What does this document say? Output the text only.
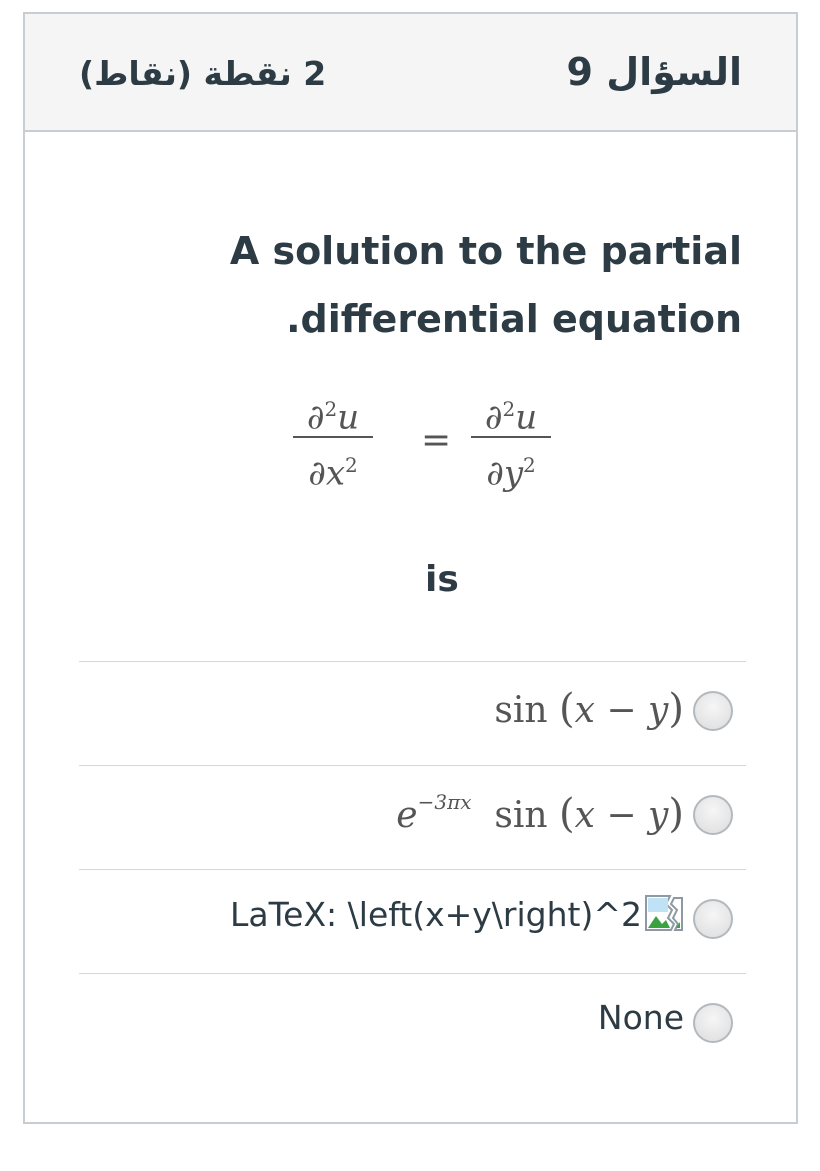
السؤال 9
2 نقطة (نقاط)
A solution to the partial
.differential equation
∂$^2$u
$\partial x^2$
=
∂$^2$u
$\partial y^2$
is
sin (x − y)
$e^{-3\pi x}$ sin (x − y)
LaTeX: \left(x+y\right)^2
None
